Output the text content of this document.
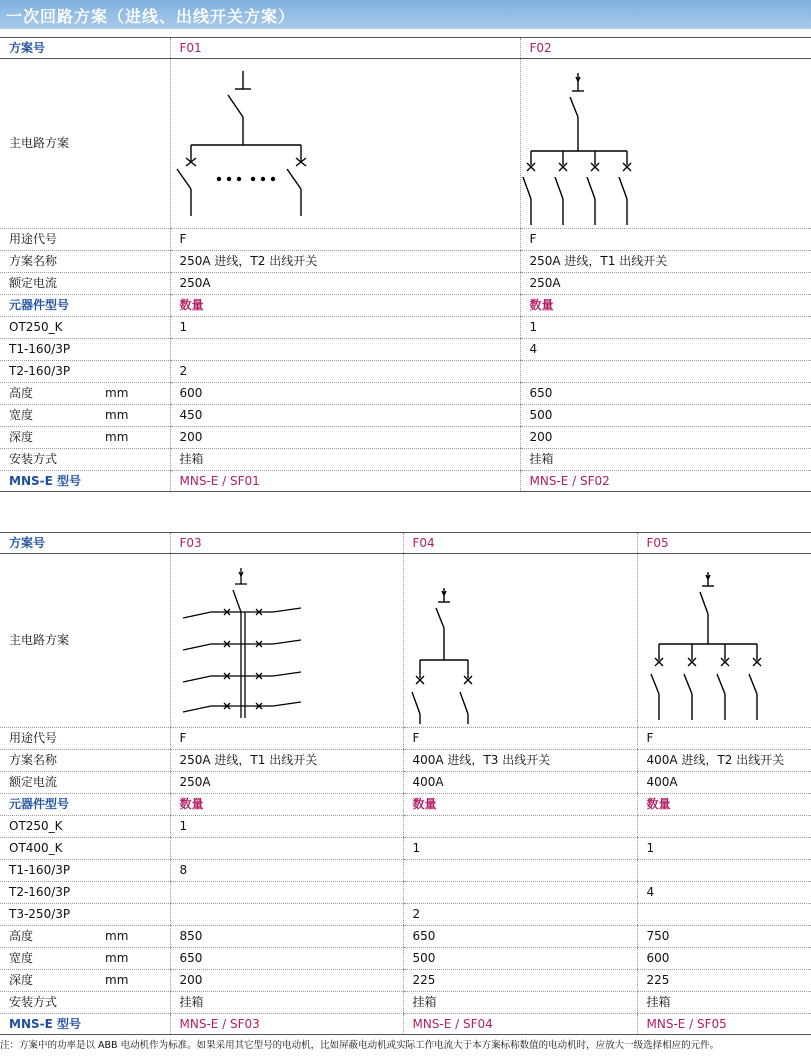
一次回路方案（进线、出线开关方案）
方案号	F01	F02
主电路方案	

用途代号	F	F
方案名称	250A 进线，T2 出线开关	250A 进线，T1 出线开关
额定电流	250A	250A
元器件型号	数量	数量
OT250_K	1	1
T1-160/3P		4
T2-160/3P	2	
高度 mm	600	650
宽度 mm	450	500
深度 mm	200	200
安装方式	挂箱	挂箱
MNS-E 型号	MNS-E / SF01	MNS-E / SF02
方案号	F03	F04	F05
主电路方案	

用途代号	F	F	F
方案名称	250A 进线，T1 出线开关	400A 进线，T3 出线开关	400A 进线，T2 出线开关
额定电流	250A	400A	400A
元器件型号	数量	数量	数量
OT250_K	1		
OT400_K		1	1
T1-160/3P	8		
T2-160/3P			4
T3-250/3P		2	
高度 mm	850	650	750
宽度 mm	650	500	600
深度 mm	200	225	225
安装方式	挂箱	挂箱	挂箱
MNS-E 型号	MNS-E / SF03	MNS-E / SF04	MNS-E / SF05
注：方案中的功率是以 ABB 电动机作为标准。如果采用其它型号的电动机，比如屏蔽电动机或实际工作电流大于本方案标称数值的电动机时，应放大一级选择相应的元件。
